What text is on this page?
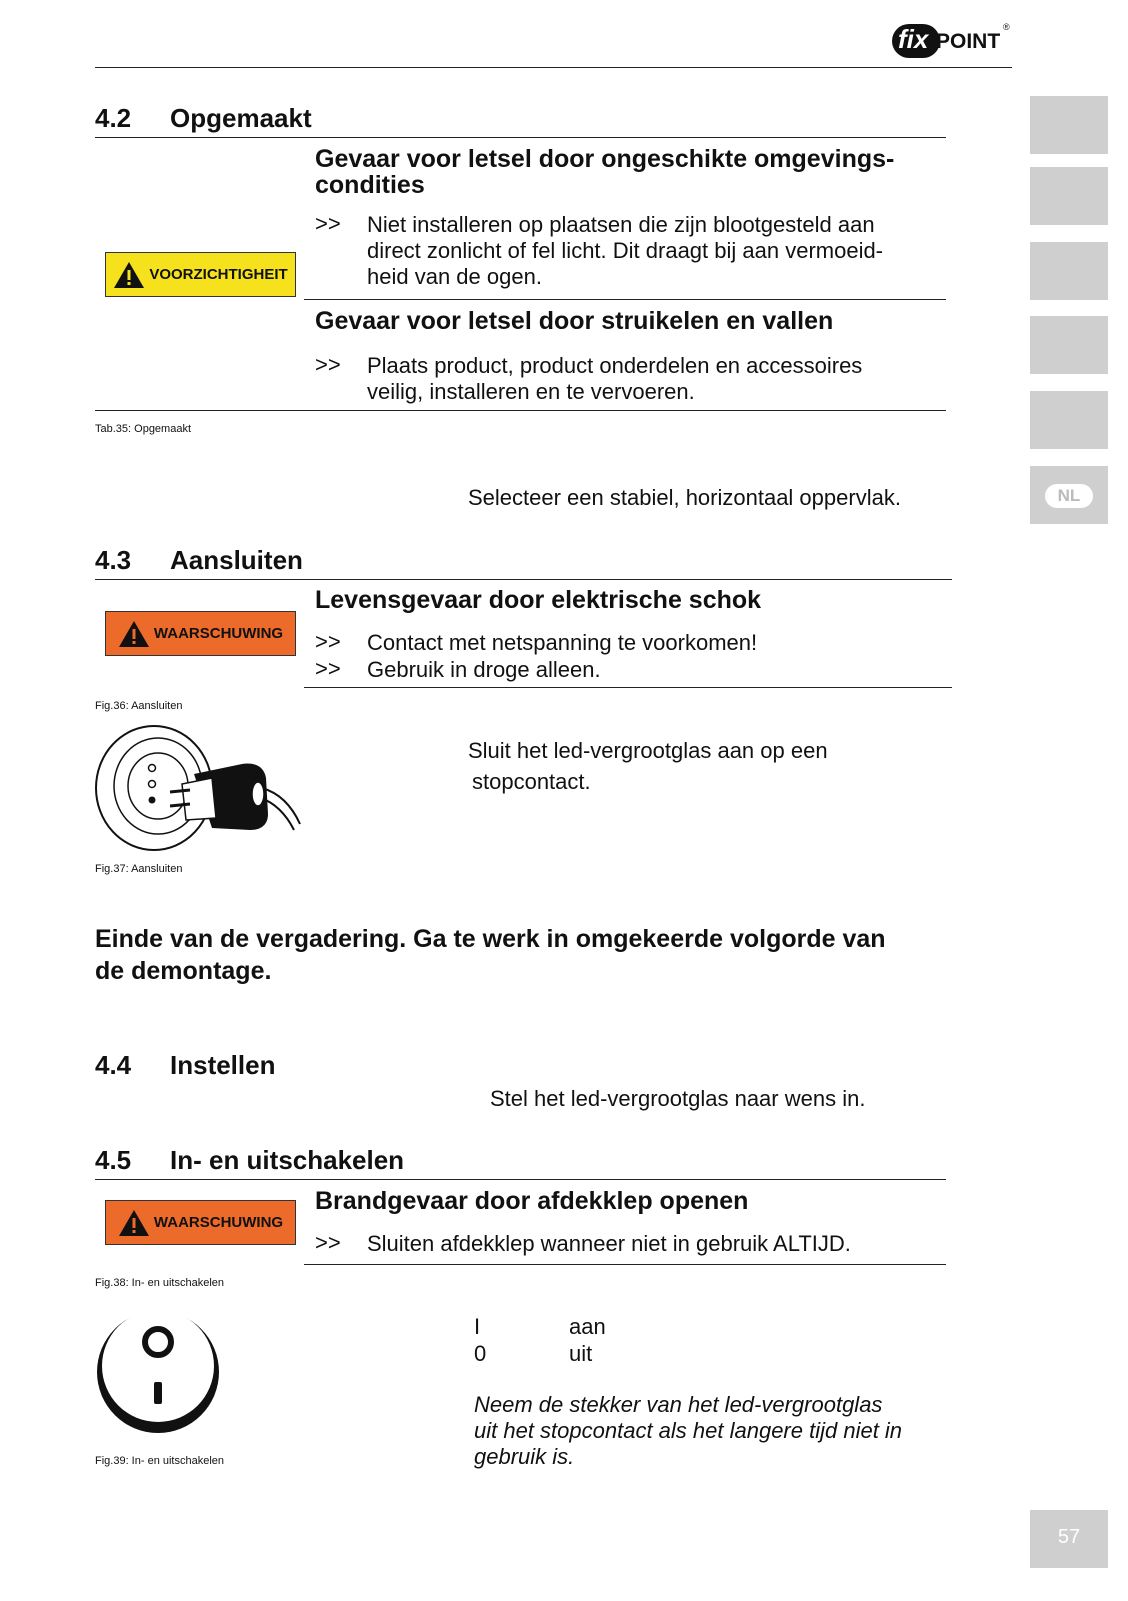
fix POINT
®
NL
4.2 Opgemaakt
VOORZICHTIGHEIT
Gevaar voor letsel door ongeschikte omgevings-
condities
>> Niet installeren op plaatsen die zijn blootgesteld aan
direct zonlicht of fel licht. Dit draagt bij aan vermoeid-
heid van de ogen.
Gevaar voor letsel door struikelen en vallen
>> Plaats product, product onderdelen en accessoires
veilig, installeren en te vervoeren.
Tab.35: Opgemaakt
Selecteer een stabiel, horizontaal oppervlak.
4.3 Aansluiten
WAARSCHUWING
Levensgevaar door elektrische schok
>> Contact met netspanning te voorkomen!
>> Gebruik in droge alleen.
Fig.36: Aansluiten
Sluit het led-vergrootglas aan op een
stopcontact.
Fig.37: Aansluiten
Einde van de vergadering. Ga te werk in omgekeerde volgorde van
de demontage.
4.4 Instellen
Stel het led-vergrootglas naar wens in.
4.5 In- en uitschakelen
WAARSCHUWING
Brandgevaar door afdekklep openen
>> Sluiten afdekklep wanneer niet in gebruik ALTIJD.
Fig.38: In- en uitschakelen
I	aan
0	uit
Neem de stekker van het led-vergrootglas
uit het stopcontact als het langere tijd niet in
gebruik is.
Fig.39: In- en uitschakelen
57
